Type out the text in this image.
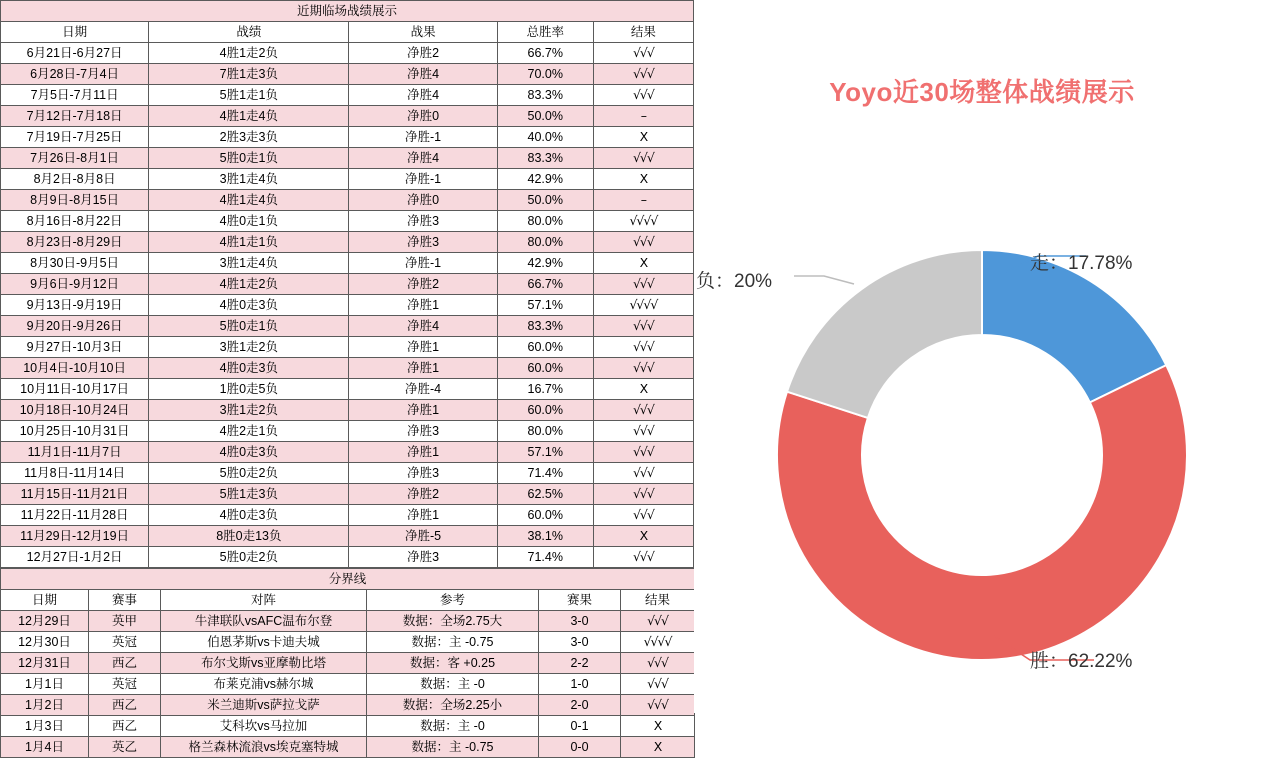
近期临场战绩展示				
日期	战绩	战果	总胜率	结果
6月21日-6月27日	4胜1走2负	净胜2	66.7%	√√√
6月28日-7月4日	7胜1走3负	净胜4	70.0%	√√√
7月5日-7月11日	5胜1走1负	净胜4	83.3%	√√√
7月12日-7月18日	4胜1走4负	净胜0	50.0%	–
7月19日-7月25日	2胜3走3负	净胜-1	40.0%	X
7月26日-8月1日	5胜0走1负	净胜4	83.3%	√√√
8月2日-8月8日	3胜1走4负	净胜-1	42.9%	X
8月9日-8月15日	4胜1走4负	净胜0	50.0%	–
8月16日-8月22日	4胜0走1负	净胜3	80.0%	√√√√
8月23日-8月29日	4胜1走1负	净胜3	80.0%	√√√
8月30日-9月5日	3胜1走4负	净胜-1	42.9%	X
9月6日-9月12日	4胜1走2负	净胜2	66.7%	√√√
9月13日-9月19日	4胜0走3负	净胜1	57.1%	√√√√
9月20日-9月26日	5胜0走1负	净胜4	83.3%	√√√
9月27日-10月3日	3胜1走2负	净胜1	60.0%	√√√
10月4日-10月10日	4胜0走3负	净胜1	60.0%	√√√
10月11日-10月17日	1胜0走5负	净胜-4	16.7%	X
10月18日-10月24日	3胜1走2负	净胜1	60.0%	√√√
10月25日-10月31日	4胜2走1负	净胜3	80.0%	√√√
11月1日-11月7日	4胜0走3负	净胜1	57.1%	√√√
11月8日-11月14日	5胜0走2负	净胜3	71.4%	√√√
11月15日-11月21日	5胜1走3负	净胜2	62.5%	√√√
11月22日-11月28日	4胜0走3负	净胜1	60.0%	√√√
11月29日-12月19日	8胜0走13负	净胜-5	38.1%	X
12月27日-1月2日	5胜0走2负	净胜3	71.4%	√√√
分界线					
日期	赛事	对阵	参考	赛果	结果
12月29日	英甲	牛津联队vsAFC温布尔登	数据：全场2.75大	3-0	√√√
12月30日	英冠	伯恩茅斯vs卡迪夫城	数据：主 -0.75	3-0	√√√√
12月31日	西乙	布尔戈斯vs亚摩勒比塔	数据：客 +0.25	2-2	√√√
1月1日	英冠	布莱克浦vs赫尔城	数据：主 -0	1-0	√√√
1月2日	西乙	米兰迪斯vs萨拉戈萨	数据：全场2.25小	2-0	√√√
1月3日	西乙	艾科坎vs马拉加	数据：主 -0	0-1	X
1月4日	英乙	格兰森林流浪vs埃克塞特城	数据：主 -0.75	0-0	X
Yoyo近30场整体战绩展示
走：17.78%
负：20%
胜：62.22%
